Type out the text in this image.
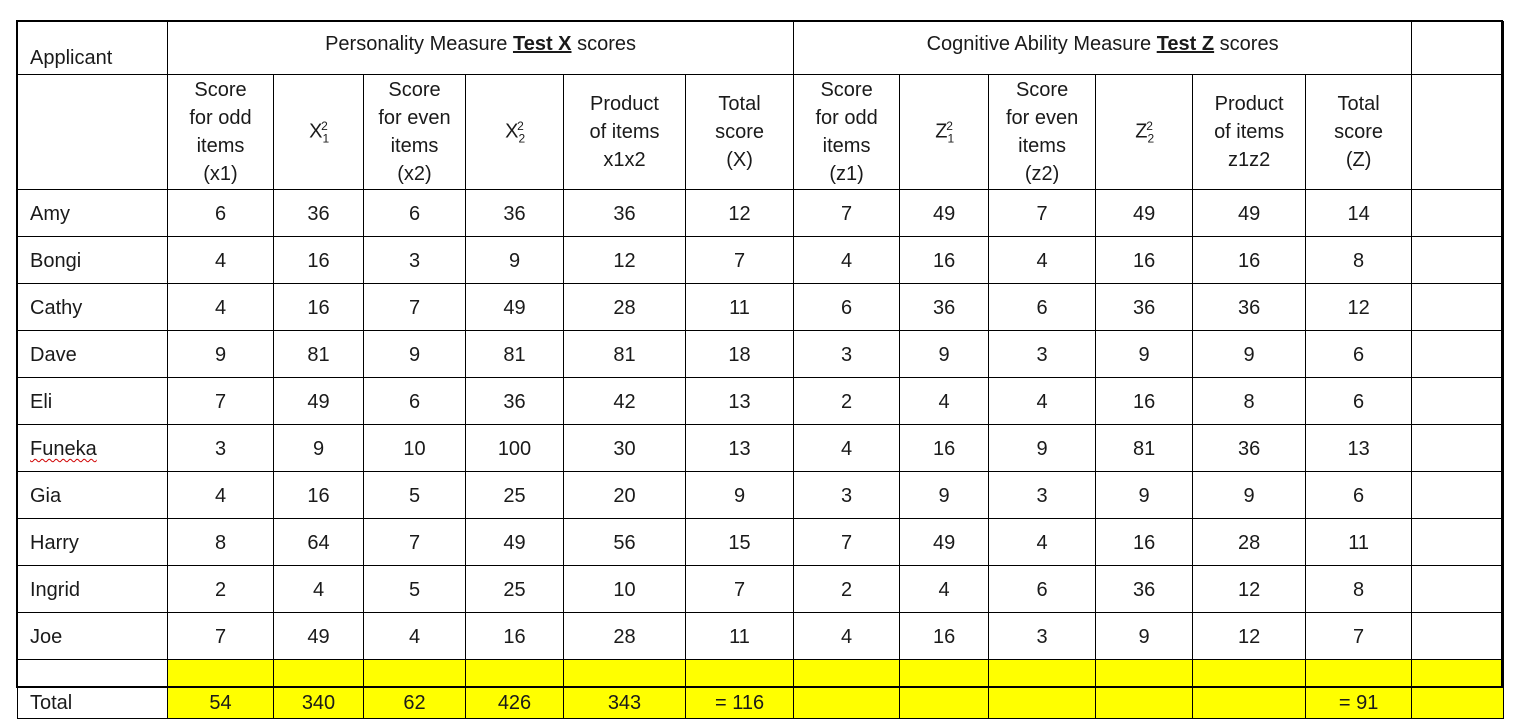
Applicant	Personality Measure Test X scores						Cognitive Ability Measure Test Z scores						
	Score
for odd
items
(x1)	$X_1^2$	Score
for even
items
(x2)	$X_2^2$	Product
of items
x1x2	Total
score
(X)	Score
for odd
items
(z1)	$Z_1^2$	Score
for even
items
(z2)	$Z_2^2$	Product
of items
z1z2	Total
score
(Z)	
Amy	6	36	6	36	36	12	7	49	7	49	49	14	
Bongi	4	16	3	9	12	7	4	16	4	16	16	8	
Cathy	4	16	7	49	28	11	6	36	6	36	36	12	
Dave	9	81	9	81	81	18	3	9	3	9	9	6	
Eli	7	49	6	36	42	13	2	4	4	16	8	6	
Funeka	3	9	10	100	30	13	4	16	9	81	36	13	
Gia	4	16	5	25	20	9	3	9	3	9	9	6	
Harry	8	64	7	49	56	15	7	49	4	16	28	11	
Ingrid	2	4	5	25	10	7	2	4	6	36	12	8	
Joe	7	49	4	16	28	11	4	16	3	9	12	7	
Total	54	340	62	426	343	= 116						= 91	
